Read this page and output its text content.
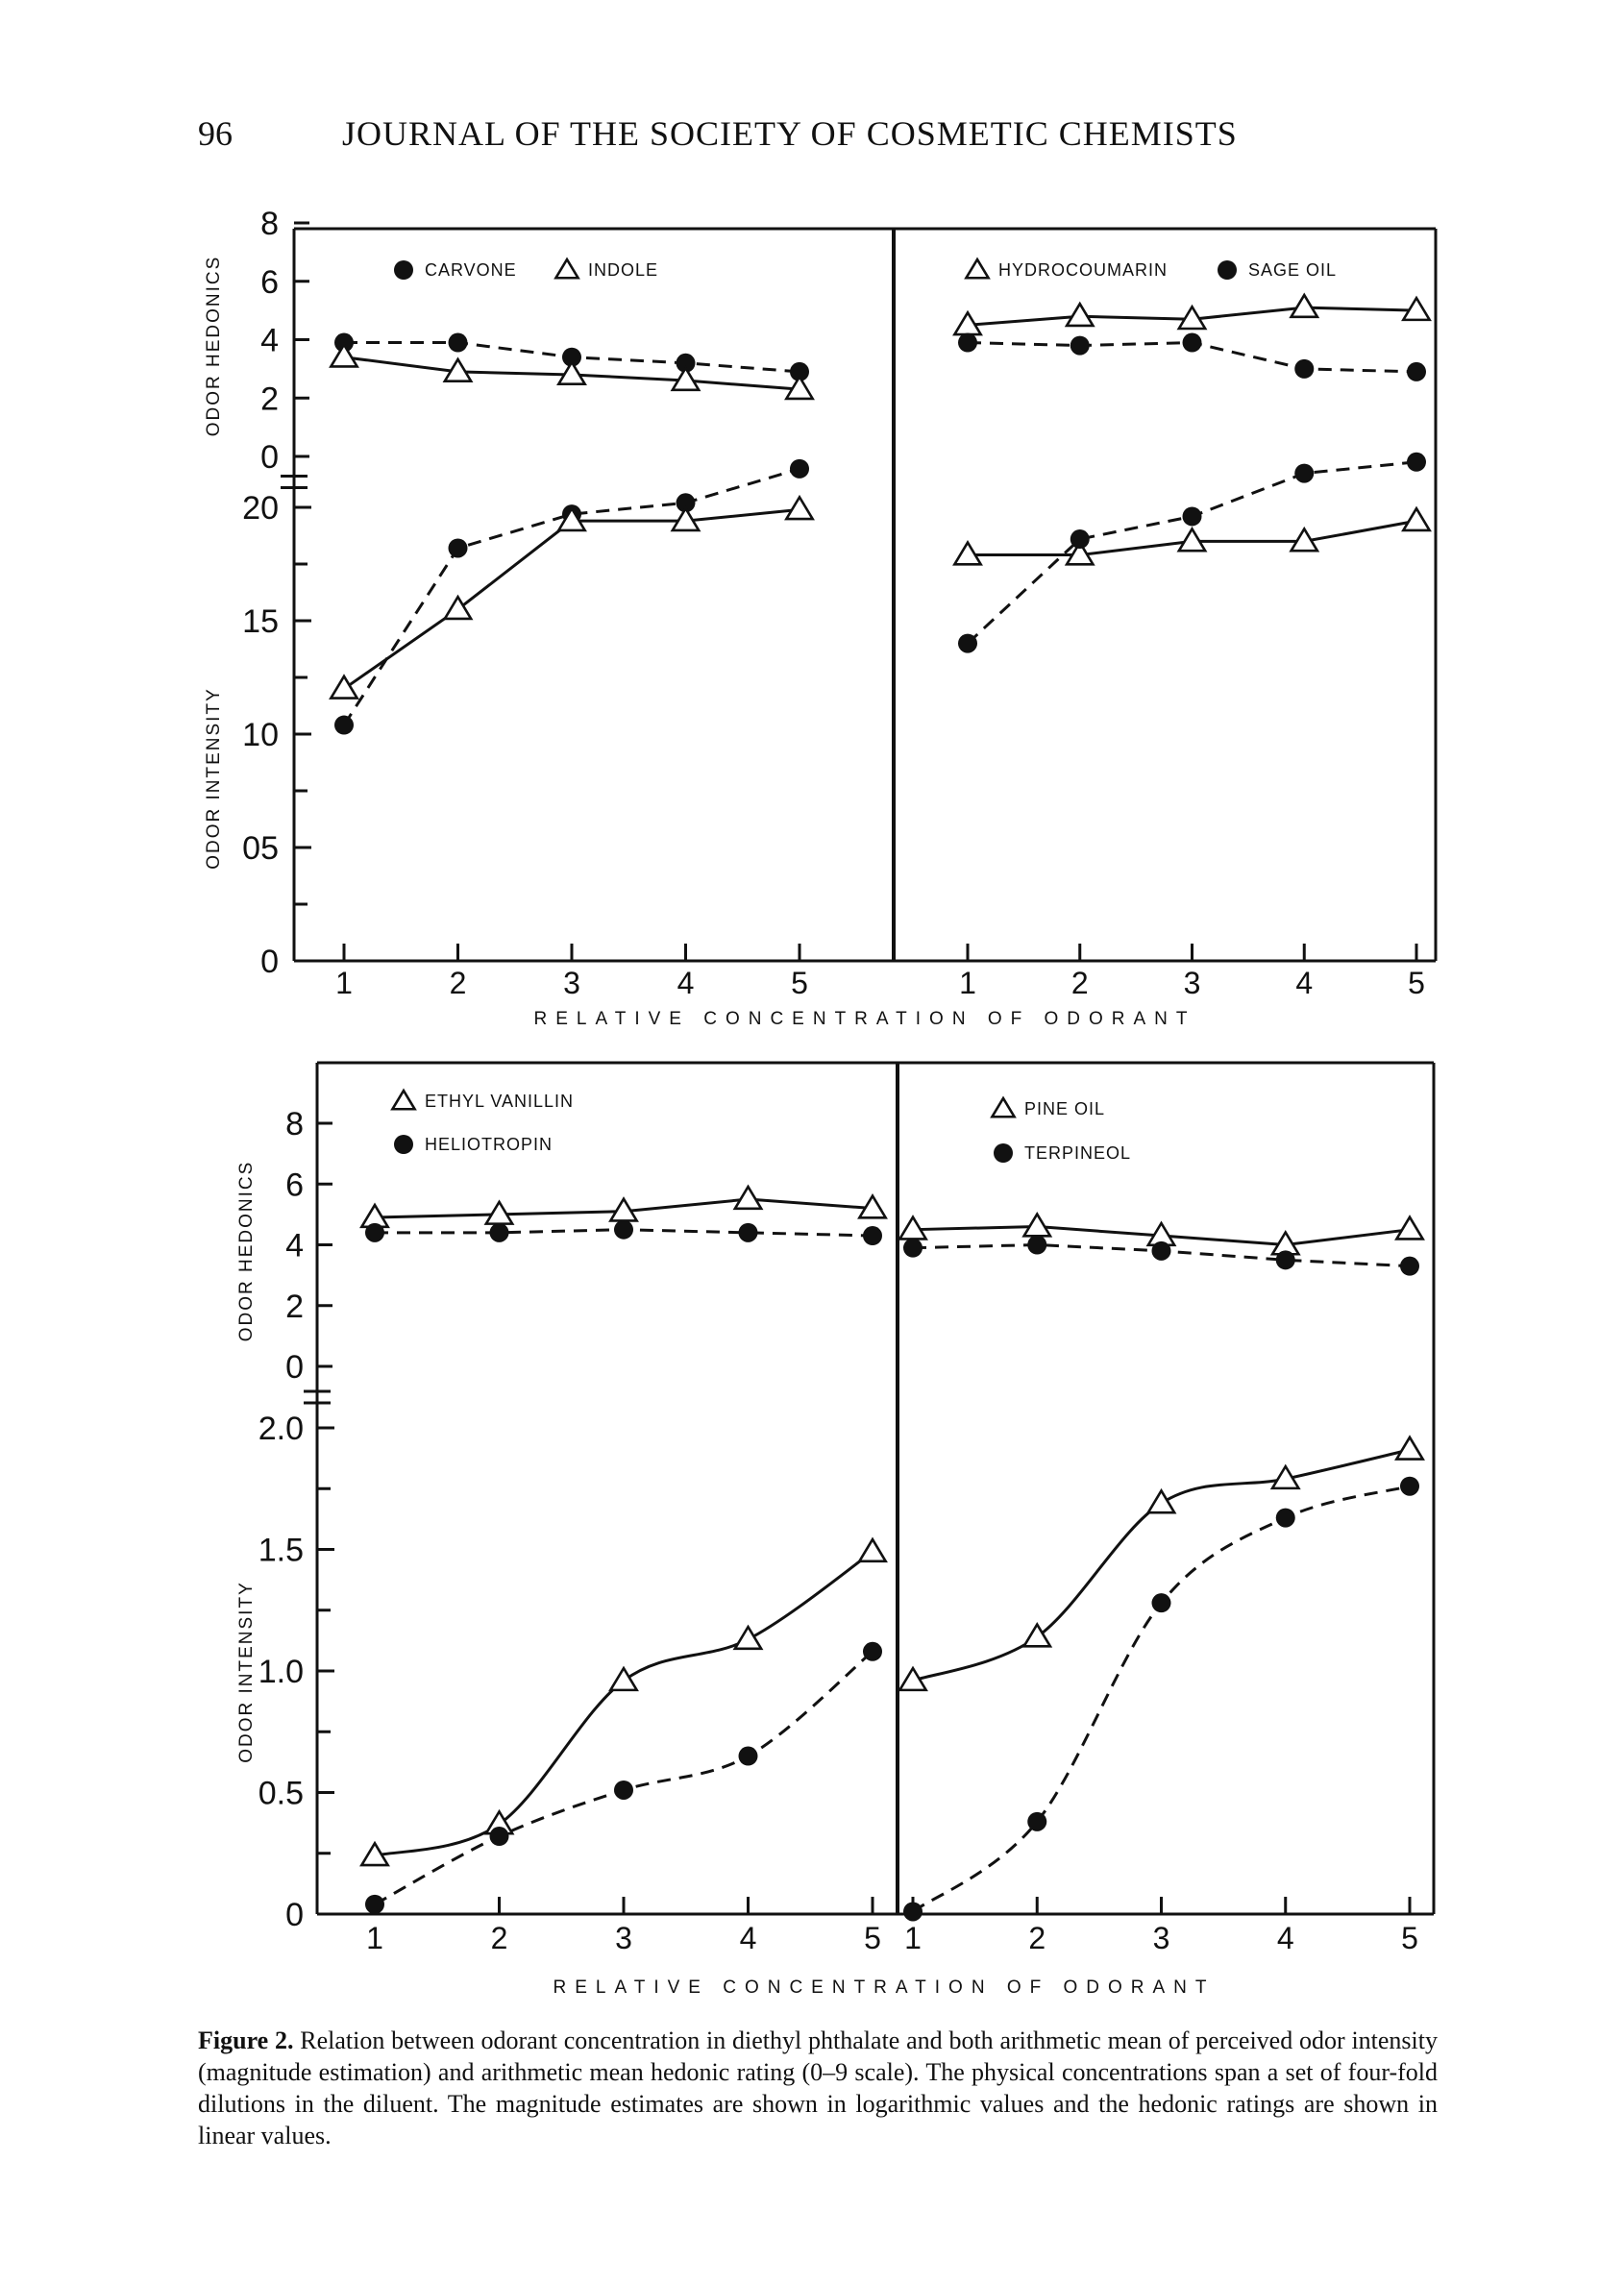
96	JOURNAL OF THE SOCIETY OF COSMETIC CHEMISTS
0
2
4
6
8
0
05
10
15
20
ODOR HEDONICS
ODOR INTENSITY
RELATIVE CONCENTRATION OF ODORANT
1	2	3	4	5
CARVONE	INDOLE
1	2	3	4	5
HYDROCOUMARIN	SAGE OIL
0
2
4
6
8
0
0.5
1.0
1.5
2.0
ODOR HEDONICS
ODOR INTENSITY
RELATIVE CONCENTRATION OF ODORANT
1	2	3	4	5
ETHYL VANILLIN
HELIOTROPIN
1	2	3	4	5
PINE OIL
TERPINEOL
Figure 2. Relation between odorant concentration in diethyl phthalate and both arithmetic mean of perceived odor intensity (magnitude estimation) and arithmetic mean hedonic rating (0–9 scale). The physical concentrations span a set of four-fold dilutions in the diluent. The magnitude estimates are shown in logarithmic values and the hedonic ratings are shown in linear values.
